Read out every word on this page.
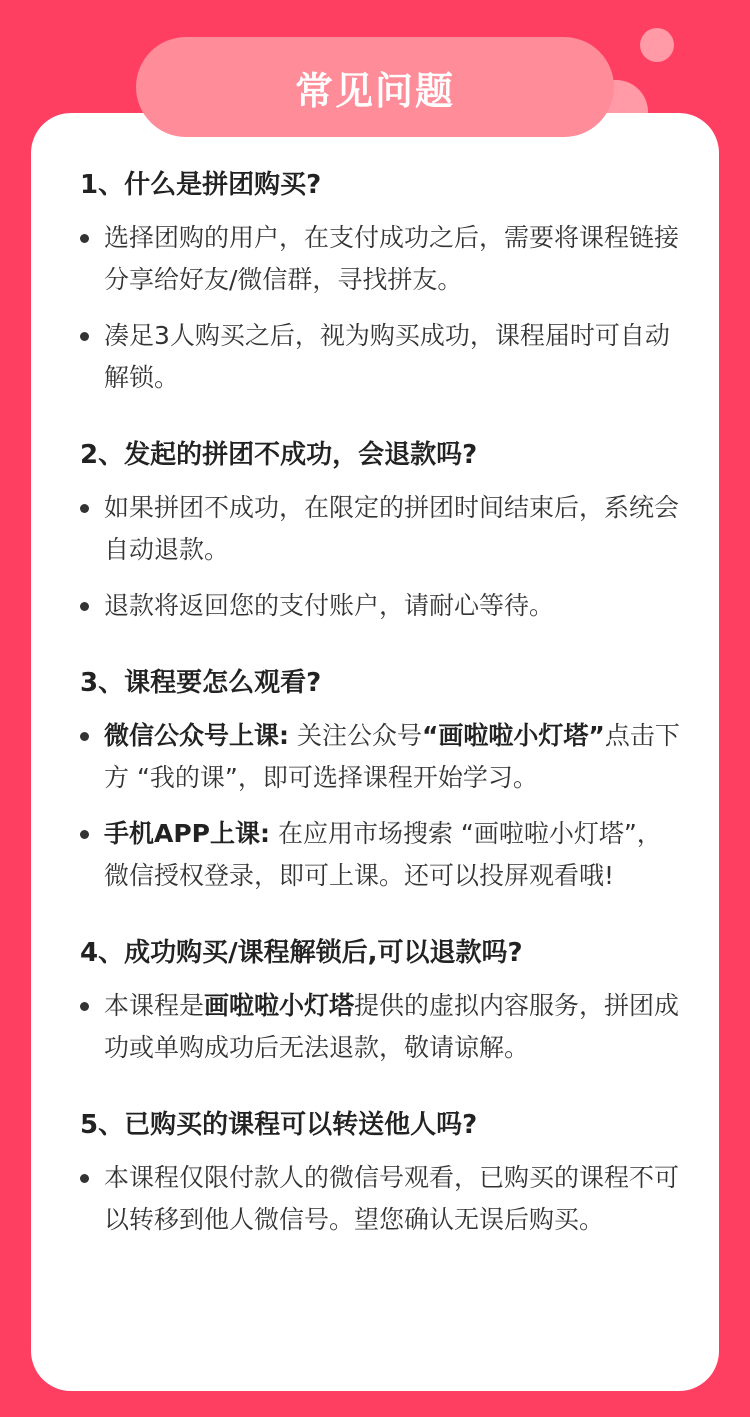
常见问题
1、什么是拼团购买?
选择团购的用户，在支付成功之后，需要将课程链接分享给好友/微信群，寻找拼友。
凑足3人购买之后，视为购买成功，课程届时可自动解锁。
2、发起的拼团不成功，会退款吗?
如果拼团不成功，在限定的拼团时间结束后，系统会自动退款。
退款将返回您的支付账户，请耐心等待。
3、课程要怎么观看?
微信公众号上课: 关注公众号“画啦啦小灯塔”点击下方 “我的课”，即可选择课程开始学习。
手机APP上课: 在应用市场搜索 “画啦啦小灯塔”，微信授权登录，即可上课。还可以投屏观看哦!
4、成功购买/课程解锁后,可以退款吗?
本课程是画啦啦小灯塔提供的虚拟内容服务，拼团成功或单购成功后无法退款，敬请谅解。
5、已购买的课程可以转送他人吗?
本课程仅限付款人的微信号观看，已购买的课程不可以转移到他人微信号。望您确认无误后购买。
